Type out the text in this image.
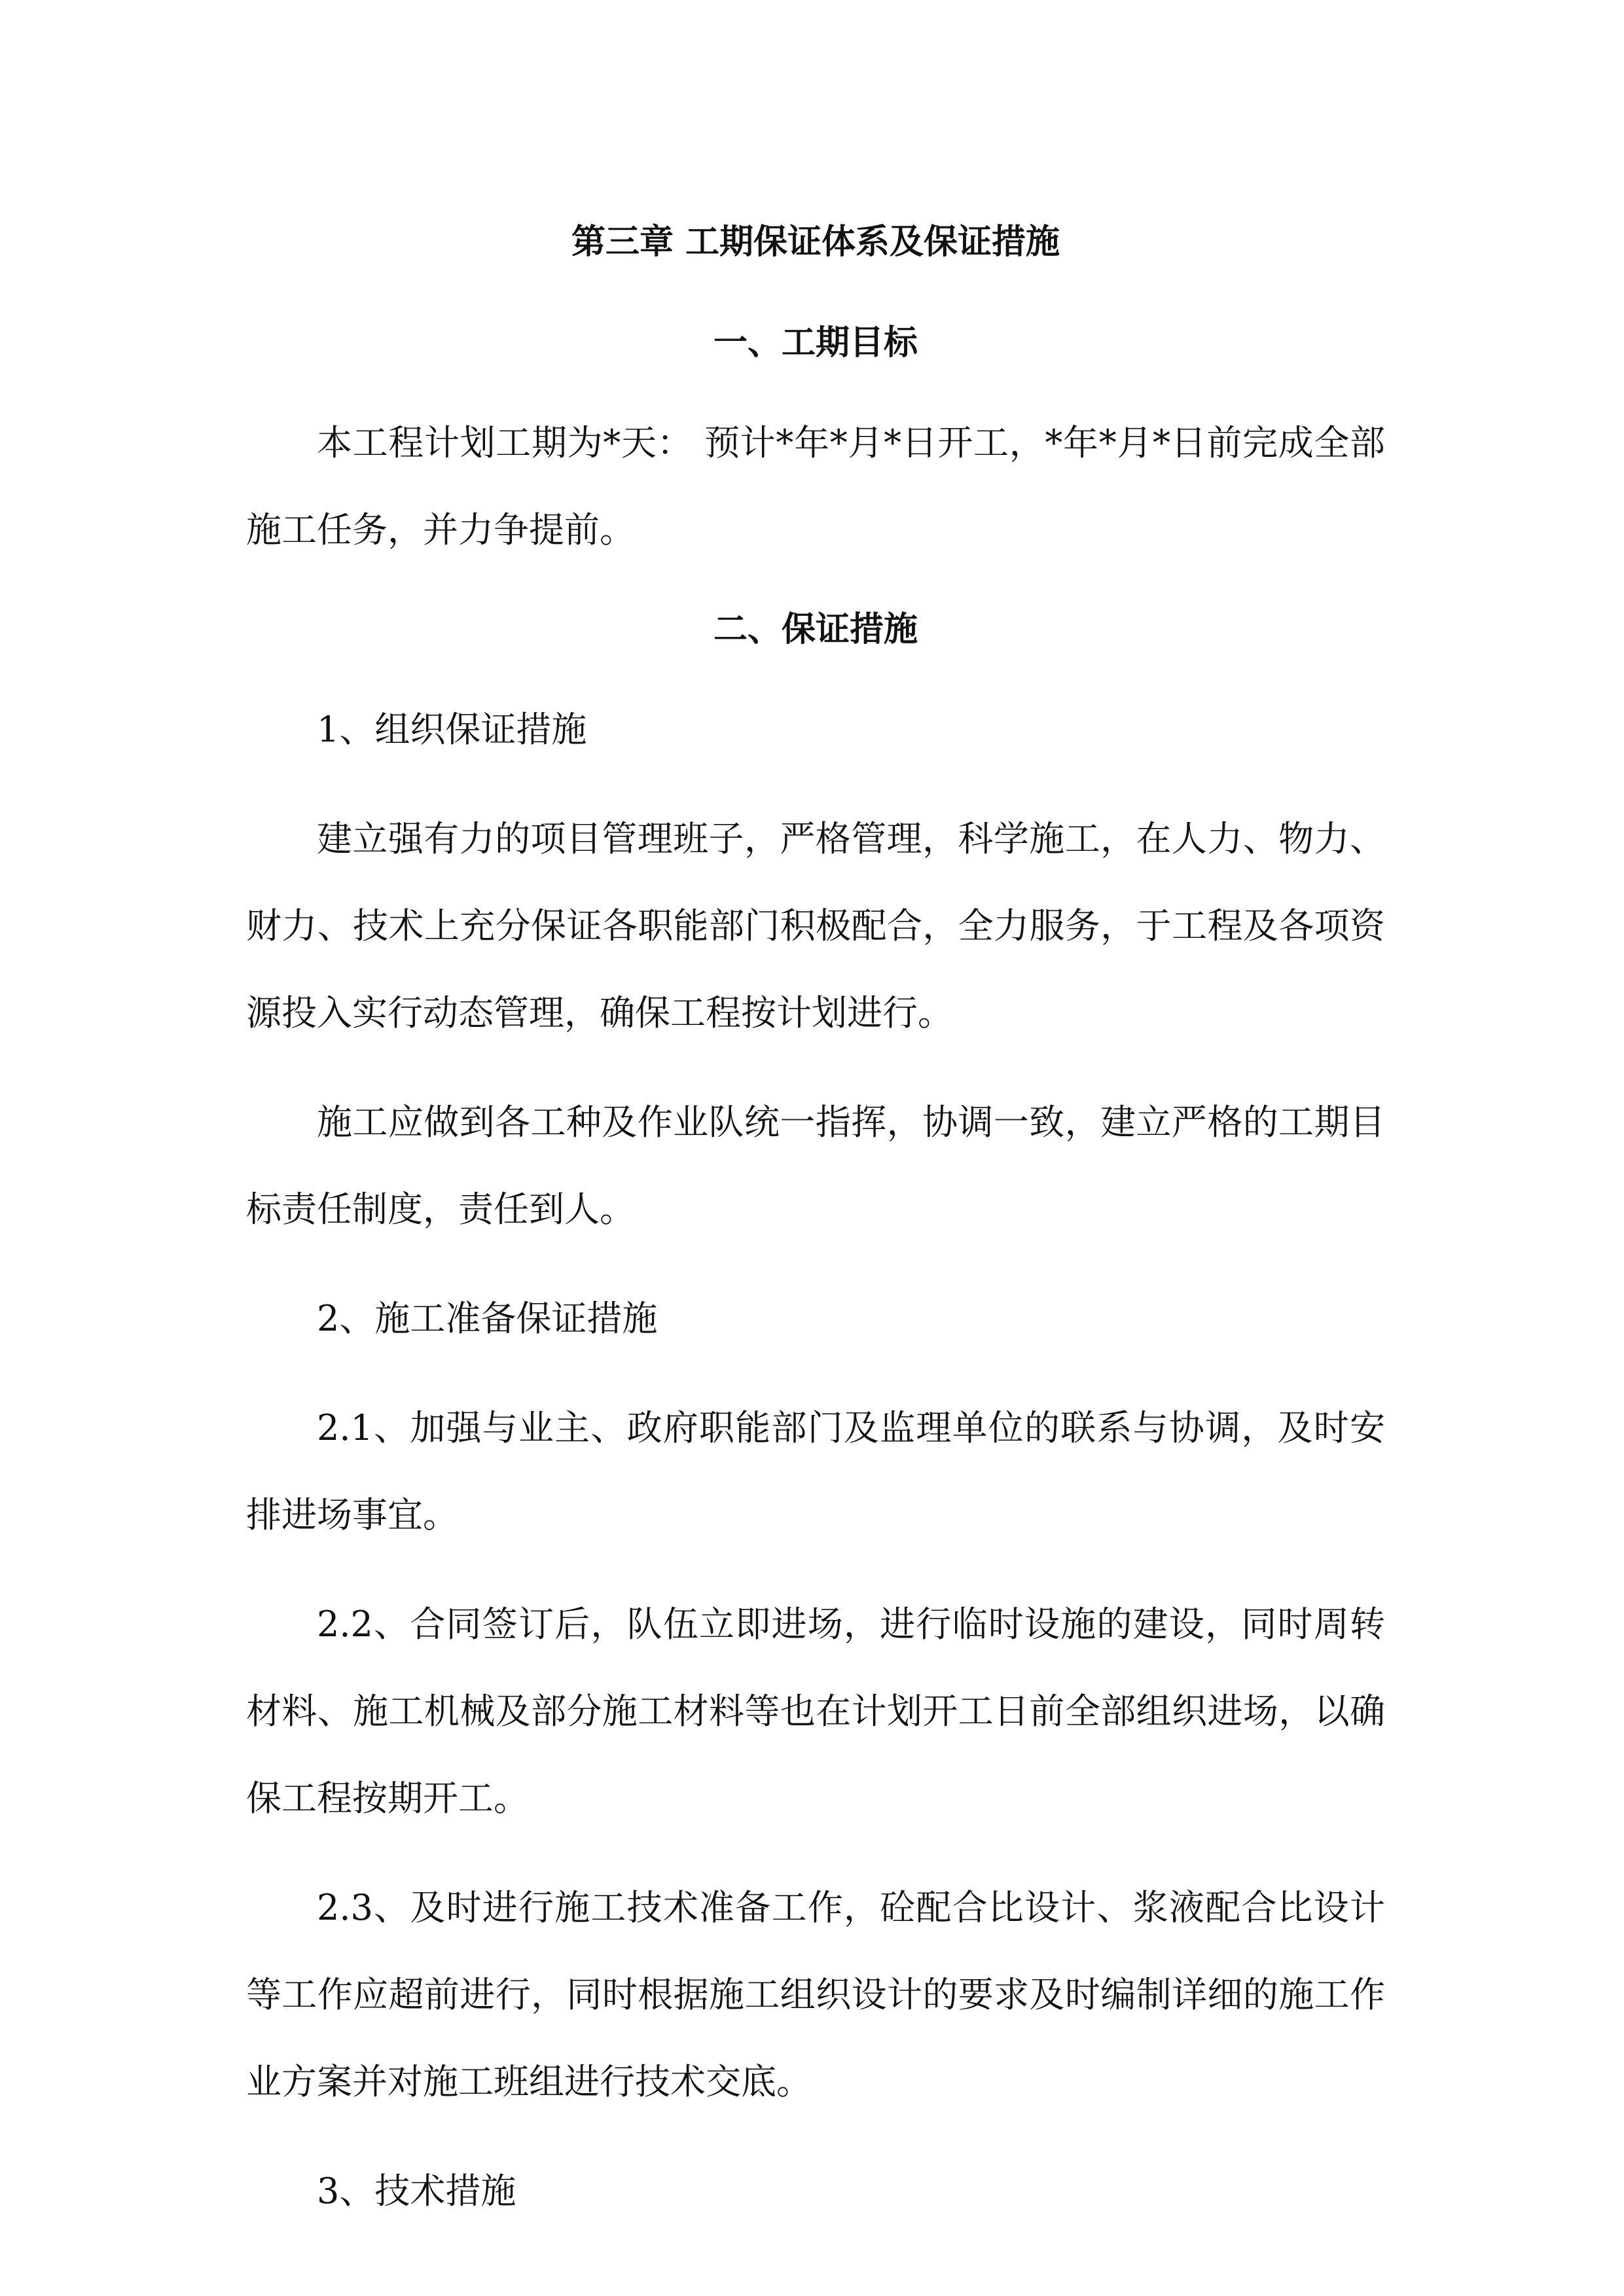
第三章 工期保证体系及保证措施
一、工期目标

本工程计划工期为*天： 预计*年*月*日开工，*年*月*日前完成全部施工任务，并力争提前。

二、保证措施

1、组织保证措施

建立强有力的项目管理班子，严格管理，科学施工，在人力、物力、财力、技术上充分保证各职能部门积极配合，全力服务，于工程及各项资源投入实行动态管理，确保工程按计划进行。

施工应做到各工种及作业队统一指挥，协调一致，建立严格的工期目标责任制度，责任到人。

2、施工准备保证措施

2.1、加强与业主、政府职能部门及监理单位的联系与协调，及时安排进场事宜。

2.2、合同签订后，队伍立即进场，进行临时设施的建设，同时周转材料、施工机械及部分施工材料等也在计划开工日前全部组织进场，以确保工程按期开工。

2.3、及时进行施工技术准备工作，砼配合比设计、浆液配合比设计等工作应超前进行，同时根据施工组织设计的要求及时编制详细的施工作业方案并对施工班组进行技术交底。

3、技术措施
